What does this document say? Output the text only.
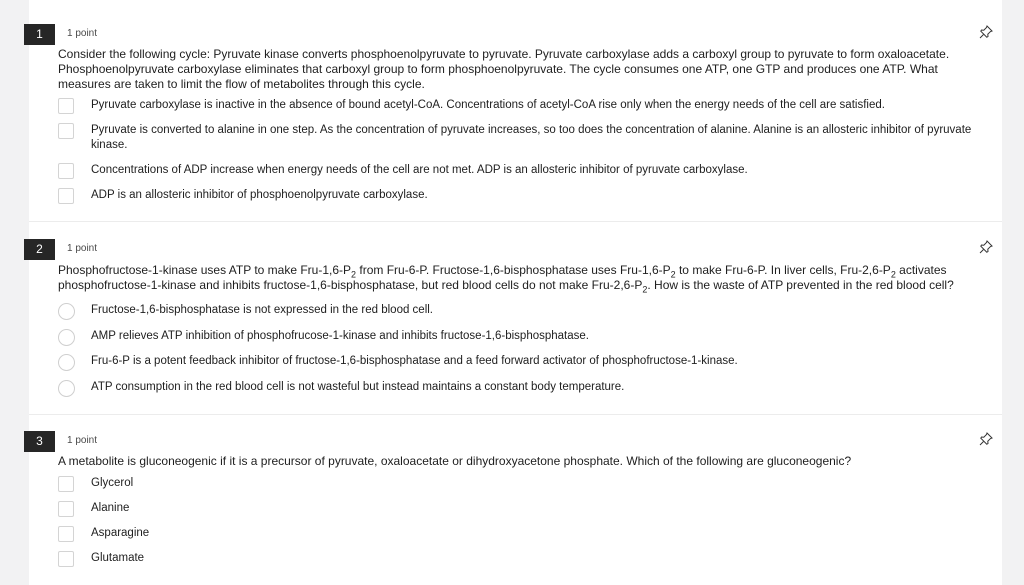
1	1 point
Consider the following cycle: Pyruvate kinase converts phosphoenolpyruvate to pyruvate. Pyruvate carboxylase adds a carboxyl group to pyruvate to form oxaloacetate. Phosphoenolpyruvate carboxylase eliminates that carboxyl group to form phosphoenolpyruvate. The cycle consumes one ATP, one GTP and produces one ATP. What measures are taken to limit the flow of metabolites through this cycle.
Pyruvate carboxylase is inactive in the absence of bound acetyl-CoA. Concentrations of acetyl-CoA rise only when the energy needs of the cell are satisfied.
Pyruvate is converted to alanine in one step. As the concentration of pyruvate increases, so too does the concentration of alanine. Alanine is an allosteric inhibitor of pyruvate kinase.
Concentrations of ADP increase when energy needs of the cell are not met. ADP is an allosteric inhibitor of pyruvate carboxylase.
ADP is an allosteric inhibitor of phosphoenolpyruvate carboxylase.
2	1 point
Phosphofructose-1-kinase uses ATP to make Fru-$1,6-P_2$ from Fru-6-P. Fructose-1,6-bisphosphatase uses Fru-$1,6-P_2$ to make Fru-6-P. In liver cells, Fru-$2,6-P_2$ activates phosphofructose-1-kinase and inhibits fructose-1,6-bisphosphatase, but red blood cells do not make Fru-$2,6-P_2$. How is the waste of ATP prevented in the red blood cell?
Fructose-1,6-bisphosphatase is not expressed in the red blood cell.
AMP relieves ATP inhibition of phosphofrucose-1-kinase and inhibits fructose-1,6-bisphosphatase.
Fru-6-P is a potent feedback inhibitor of fructose-1,6-bisphosphatase and a feed forward activator of phosphofructose-1-kinase.
ATP consumption in the red blood cell is not wasteful but instead maintains a constant body temperature.
3	1 point
A metabolite is gluconeogenic if it is a precursor of pyruvate, oxaloacetate or dihydroxyacetone phosphate. Which of the following are gluconeogenic?
Glycerol
Alanine
Asparagine
Glutamate
